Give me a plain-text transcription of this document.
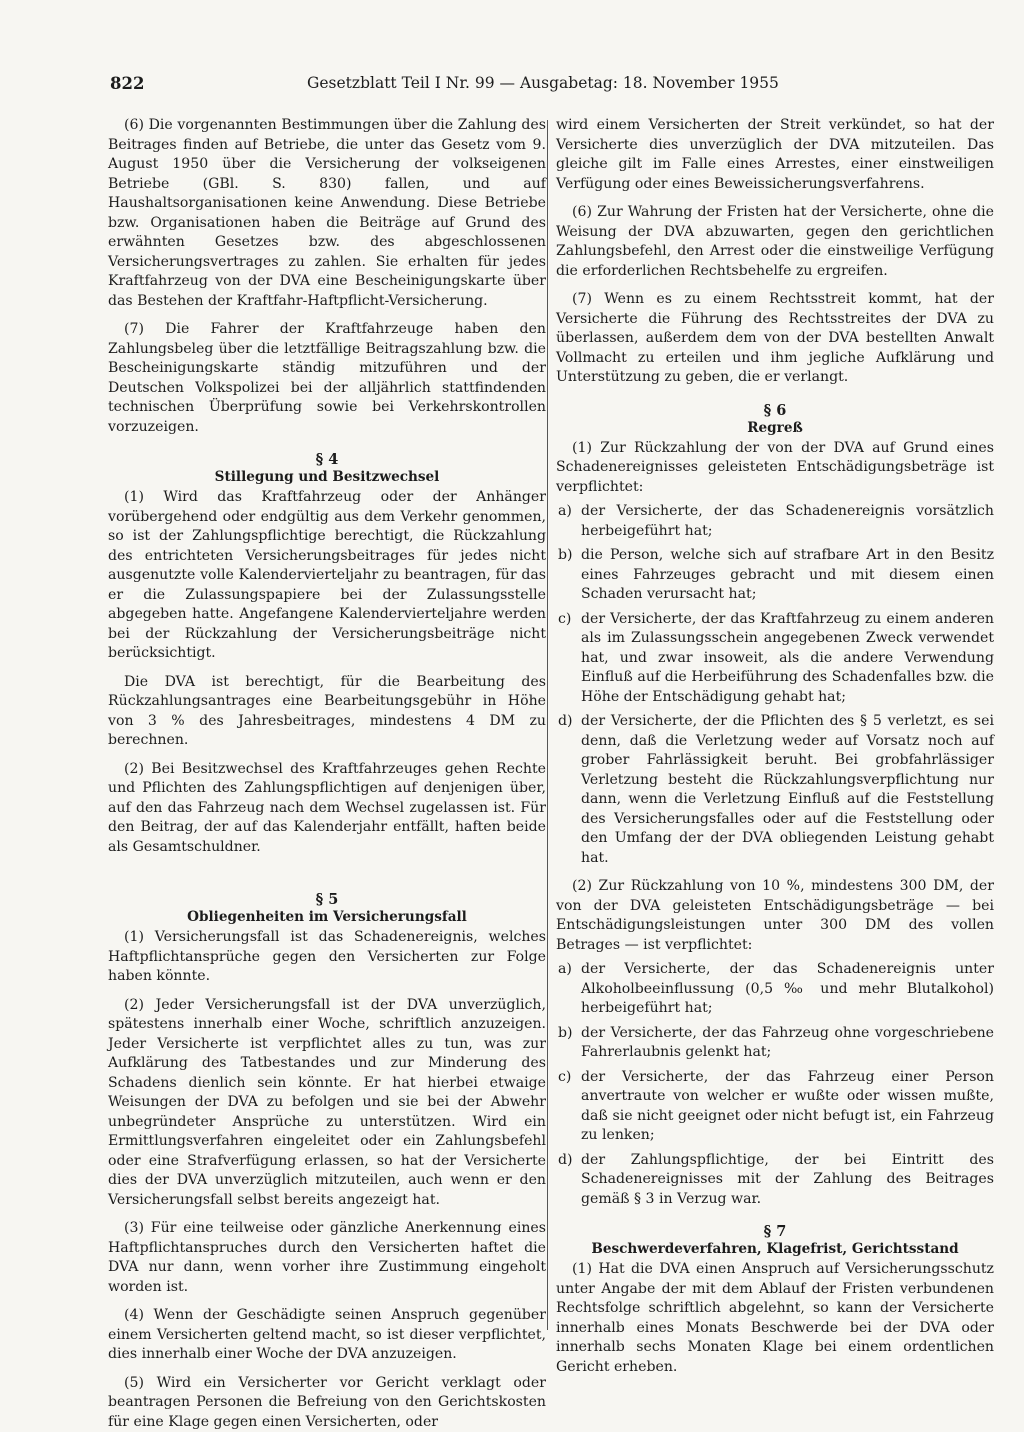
822	Gesetzblatt Teil I Nr. 99 — Ausgabetag: 18. November 1955

(6) Die vorgenannten Bestimmungen über die Zahlung des Beitrages finden auf Betriebe, die unter das Gesetz vom 9. August 1950 über die Versicherung der volkseigenen Betriebe (GBl. S. 830) fallen, und auf Haushaltsorganisationen keine Anwendung. Diese Betriebe bzw. Organisationen haben die Beiträge auf Grund des erwähnten Gesetzes bzw. des abgeschlossenen Versicherungsvertrages zu zahlen. Sie erhalten für jedes Kraftfahrzeug von der DVA eine Bescheinigungskarte über das Bestehen der Kraftfahr-Haftpflicht-Versicherung.

(7) Die Fahrer der Kraftfahrzeuge haben den Zahlungsbeleg über die letztfällige Beitragszahlung bzw. die Bescheinigungskarte ständig mitzuführen und der Deutschen Volkspolizei bei der alljährlich stattfindenden technischen Überprüfung sowie bei Verkehrskontrollen vorzuzeigen.

§ 4
Stillegung und Besitzwechsel

(1) Wird das Kraftfahrzeug oder der Anhänger vorübergehend oder endgültig aus dem Verkehr genommen, so ist der Zahlungspflichtige berechtigt, die Rückzahlung des entrichteten Versicherungsbeitrages für jedes nicht ausgenutzte volle Kalendervierteljahr zu beantragen, für das er die Zulassungspapiere bei der Zulassungsstelle abgegeben hatte. Angefangene Kalendervierteljahre werden bei der Rückzahlung der Versicherungsbeiträge nicht berücksichtigt.

Die DVA ist berechtigt, für die Bearbeitung des Rückzahlungsantrages eine Bearbeitungsgebühr in Höhe von 3 % des Jahresbeitrages, mindestens 4 DM zu berechnen.

(2) Bei Besitzwechsel des Kraftfahrzeuges gehen Rechte und Pflichten des Zahlungspflichtigen auf denjenigen über, auf den das Fahrzeug nach dem Wechsel zugelassen ist. Für den Beitrag, der auf das Kalenderjahr entfällt, haften beide als Gesamtschuldner.

§ 5
Obliegenheiten im Versicherungsfall

(1) Versicherungsfall ist das Schadenereignis, welches Haftpflichtansprüche gegen den Versicherten zur Folge haben könnte.

(2) Jeder Versicherungsfall ist der DVA unverzüglich, spätestens innerhalb einer Woche, schriftlich anzuzeigen. Jeder Versicherte ist verpflichtet alles zu tun, was zur Aufklärung des Tatbestandes und zur Minderung des Schadens dienlich sein könnte. Er hat hierbei etwaige Weisungen der DVA zu befolgen und sie bei der Abwehr unbegründeter Ansprüche zu unterstützen. Wird ein Ermittlungsverfahren eingeleitet oder ein Zahlungsbefehl oder eine Strafverfügung erlassen, so hat der Versicherte dies der DVA unverzüglich mitzuteilen, auch wenn er den Versicherungsfall selbst bereits angezeigt hat.

(3) Für eine teilweise oder gänzliche Anerkennung eines Haftpflichtanspruches durch den Versicherten haftet die DVA nur dann, wenn vorher ihre Zustimmung eingeholt worden ist.

(4) Wenn der Geschädigte seinen Anspruch gegenüber einem Versicherten geltend macht, so ist dieser verpflichtet, dies innerhalb einer Woche der DVA anzuzeigen.

(5) Wird ein Versicherter vor Gericht verklagt oder beantragen Personen die Befreiung von den Gerichtskosten für eine Klage gegen einen Versicherten, oder

wird einem Versicherten der Streit verkündet, so hat der Versicherte dies unverzüglich der DVA mitzuteilen. Das gleiche gilt im Falle eines Arrestes, einer einstweiligen Verfügung oder eines Beweissicherungsverfahrens.

(6) Zur Wahrung der Fristen hat der Versicherte, ohne die Weisung der DVA abzuwarten, gegen den gerichtlichen Zahlungsbefehl, den Arrest oder die einstweilige Verfügung die erforderlichen Rechtsbehelfe zu ergreifen.

(7) Wenn es zu einem Rechtsstreit kommt, hat der Versicherte die Führung des Rechtsstreites der DVA zu überlassen, außerdem dem von der DVA bestellten Anwalt Vollmacht zu erteilen und ihm jegliche Aufklärung und Unterstützung zu geben, die er verlangt.

§ 6
Regreß

(1) Zur Rückzahlung der von der DVA auf Grund eines Schadenereignisses geleisteten Entschädigungsbeträge ist verpflichtet:

a) der Versicherte, der das Schadenereignis vorsätzlich herbeigeführt hat;

b) die Person, welche sich auf strafbare Art in den Besitz eines Fahrzeuges gebracht und mit diesem einen Schaden verursacht hat;

c) der Versicherte, der das Kraftfahrzeug zu einem anderen als im Zulassungsschein angegebenen Zweck verwendet hat, und zwar insoweit, als die andere Verwendung Einfluß auf die Herbeiführung des Schadenfalles bzw. die Höhe der Entschädigung gehabt hat;

d) der Versicherte, der die Pflichten des § 5 verletzt, es sei denn, daß die Verletzung weder auf Vorsatz noch auf grober Fahrlässigkeit beruht. Bei grobfahrlässiger Verletzung besteht die Rückzahlungsverpflichtung nur dann, wenn die Verletzung Einfluß auf die Feststellung des Versicherungsfalles oder auf die Feststellung oder den Umfang der der DVA obliegenden Leistung gehabt hat.

(2) Zur Rückzahlung von 10 %, mindestens 300 DM, der von der DVA geleisteten Entschädigungsbeträge — bei Entschädigungsleistungen unter 300 DM des vollen Betrages — ist verpflichtet:

a) der Versicherte, der das Schadenereignis unter Alkoholbeeinflussung (0,5 ‰ und mehr Blutalkohol) herbeigeführt hat;

b) der Versicherte, der das Fahrzeug ohne vorgeschriebene Fahrerlaubnis gelenkt hat;

c) der Versicherte, der das Fahrzeug einer Person anvertraute von welcher er wußte oder wissen mußte, daß sie nicht geeignet oder nicht befugt ist, ein Fahrzeug zu lenken;

d) der Zahlungspflichtige, der bei Eintritt des Schadenereignisses mit der Zahlung des Beitrages gemäß § 3 in Verzug war.

§ 7
Beschwerdeverfahren, Klagefrist, Gerichtsstand

(1) Hat die DVA einen Anspruch auf Versicherungsschutz unter Angabe der mit dem Ablauf der Fristen verbundenen Rechtsfolge schriftlich abgelehnt, so kann der Versicherte innerhalb eines Monats Beschwerde bei der DVA oder innerhalb sechs Monaten Klage bei einem ordentlichen Gericht erheben.
